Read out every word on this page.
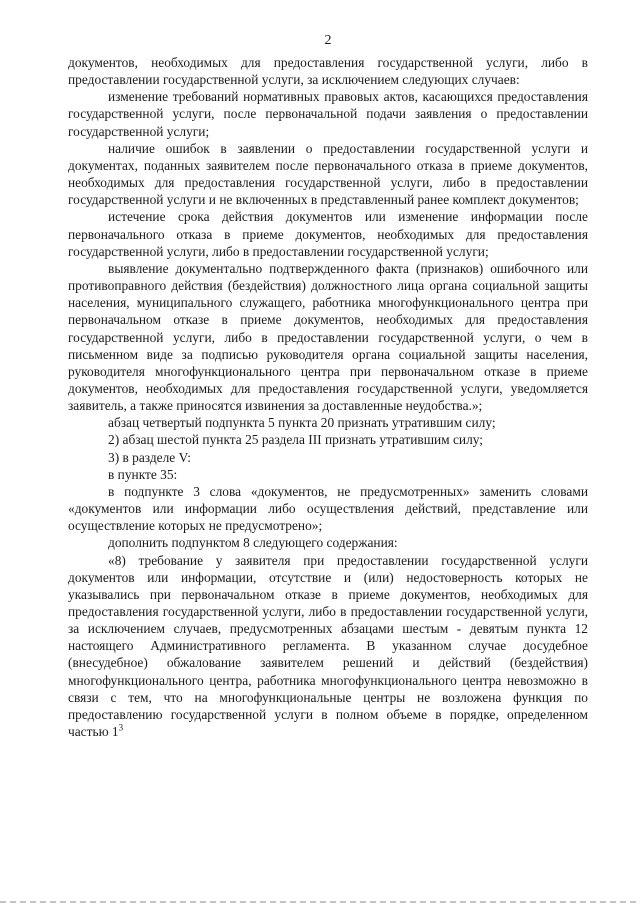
2

документов, необходимых для предоставления государственной услуги, либо в предоставлении государственной услуги, за исключением следующих случаев:

изменение требований нормативных правовых актов, касающихся предоставления государственной услуги, после первоначальной подачи заявления о предоставлении государственной услуги;

наличие ошибок в заявлении о предоставлении государственной услуги и документах, поданных заявителем после первоначального отказа в приеме документов, необходимых для предоставления государственной услуги, либо в предоставлении государственной услуги и не включенных в представленный ранее комплект документов;

истечение срока действия документов или изменение информации после первоначального отказа в приеме документов, необходимых для предоставления государственной услуги, либо в предоставлении государственной услуги;

выявление документально подтвержденного факта (признаков) ошибочного или противоправного действия (бездействия) должностного лица органа социальной защиты населения, муниципального служащего, работника многофункционального центра при первоначальном отказе в приеме документов, необходимых для предоставления государственной услуги, либо в предоставлении государственной услуги, о чем в письменном виде за подписью руководителя органа социальной защиты населения, руководителя многофункционального центра при первоначальном отказе в приеме документов, необходимых для предоставления государственной услуги, уведомляется заявитель, а также приносятся извинения за доставленные неудобства.»;

абзац четвертый подпункта 5 пункта 20 признать утратившим силу;

2) абзац шестой пункта 25 раздела III признать утратившим силу;

3) в разделе V:

в пункте 35:

в подпункте 3 слова «документов, не предусмотренных» заменить словами «документов или информации либо осуществления действий, представление или осуществление которых не предусмотрено»;

дополнить подпунктом 8 следующего содержания:

«8) требование у заявителя при предоставлении государственной услуги документов или информации, отсутствие и (или) недостоверность которых не указывались при первоначальном отказе в приеме документов, необходимых для предоставления государственной услуги, либо в предоставлении государственной услуги, за исключением случаев, предусмотренных абзацами шестым - девятым пункта 12 настоящего Административного регламента. В указанном случае досудебное (внесудебное) обжалование заявителем решений и действий (бездействия) многофункционального центра, работника многофункционального центра невозможно в связи с тем, что на многофункциональные центры не возложена функция по предоставлению государственной услуги в полном объеме в порядке, определенном частью $1^3$
